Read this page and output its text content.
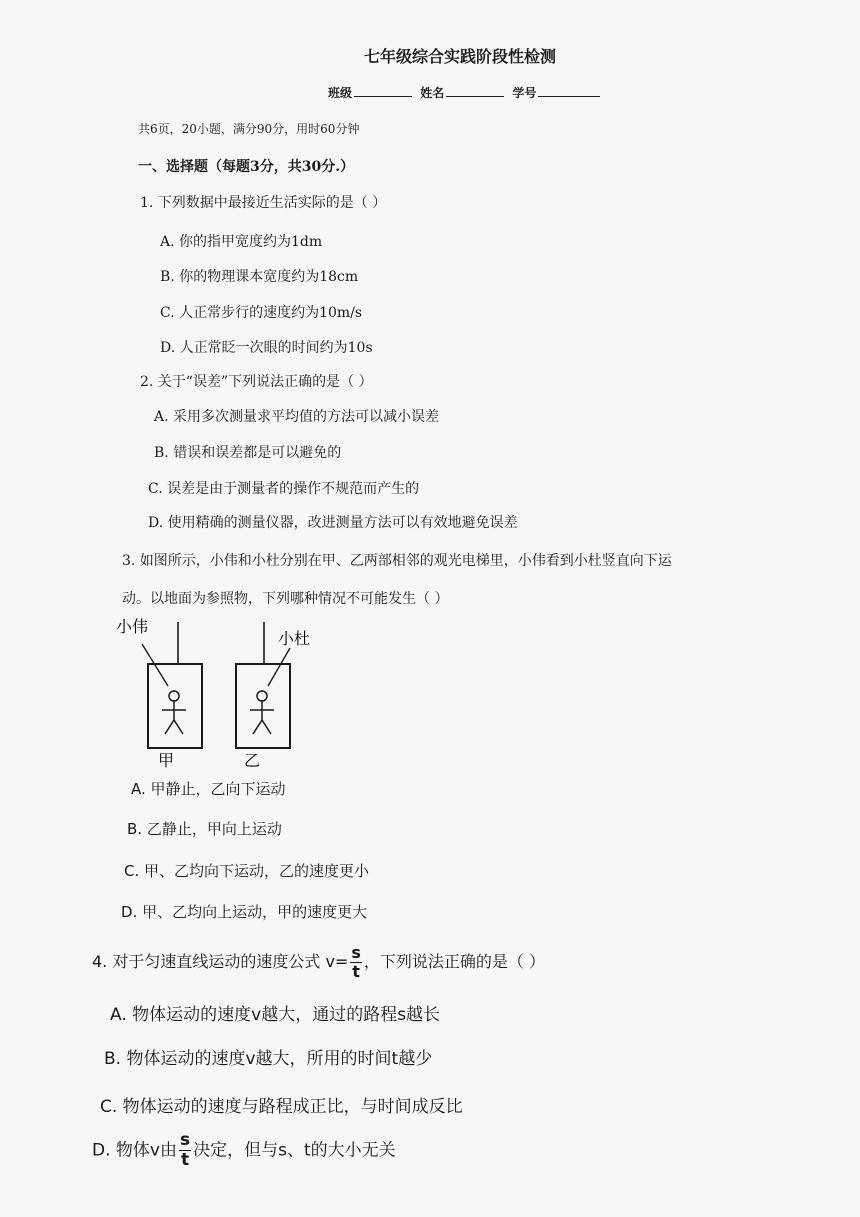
七年级综合实践阶段性检测
班级	姓名	学号
共6页，20小题，满分90分，用时60分钟
一、选择题（每题3分，共30分.）
1. 下列数据中最接近生活实际的是（ ）
A. 你的指甲宽度约为1dm
B. 你的物理课本宽度约为18cm
C. 人正常步行的速度约为10m/s
D. 人正常眨一次眼的时间约为10s
2. 关于“误差”下列说法正确的是（ ）
A. 采用多次测量求平均值的方法可以减小误差
B. 错误和误差都是可以避免的
C. 误差是由于测量者的操作不规范而产生的
D. 使用精确的测量仪器，改进测量方法可以有效地避免误差
3. 如图所示，小伟和小杜分别在甲、乙两部相邻的观光电梯里，小伟看到小杜竖直向下运
动。以地面为参照物，下列哪种情况不可能发生（ ）
小伟
小杜
甲	乙
A. 甲静止，乙向下运动
B. 乙静止，甲向上运动
C. 甲、乙均向下运动，乙的速度更小
D. 甲、乙均向上运动，甲的速度更大
4. 对于匀速直线运动的速度公式 $v= \frac{s}{t}$ ，下列说法正确的是（ ）
A. 物体运动的速度v越大，通过的路程s越长
B. 物体运动的速度v越大，所用的时间t越少
C. 物体运动的速度与路程成正比，与时间成反比
D. 物体v由 $\frac{s}{t}$ 决定，但与s、t的大小无关
